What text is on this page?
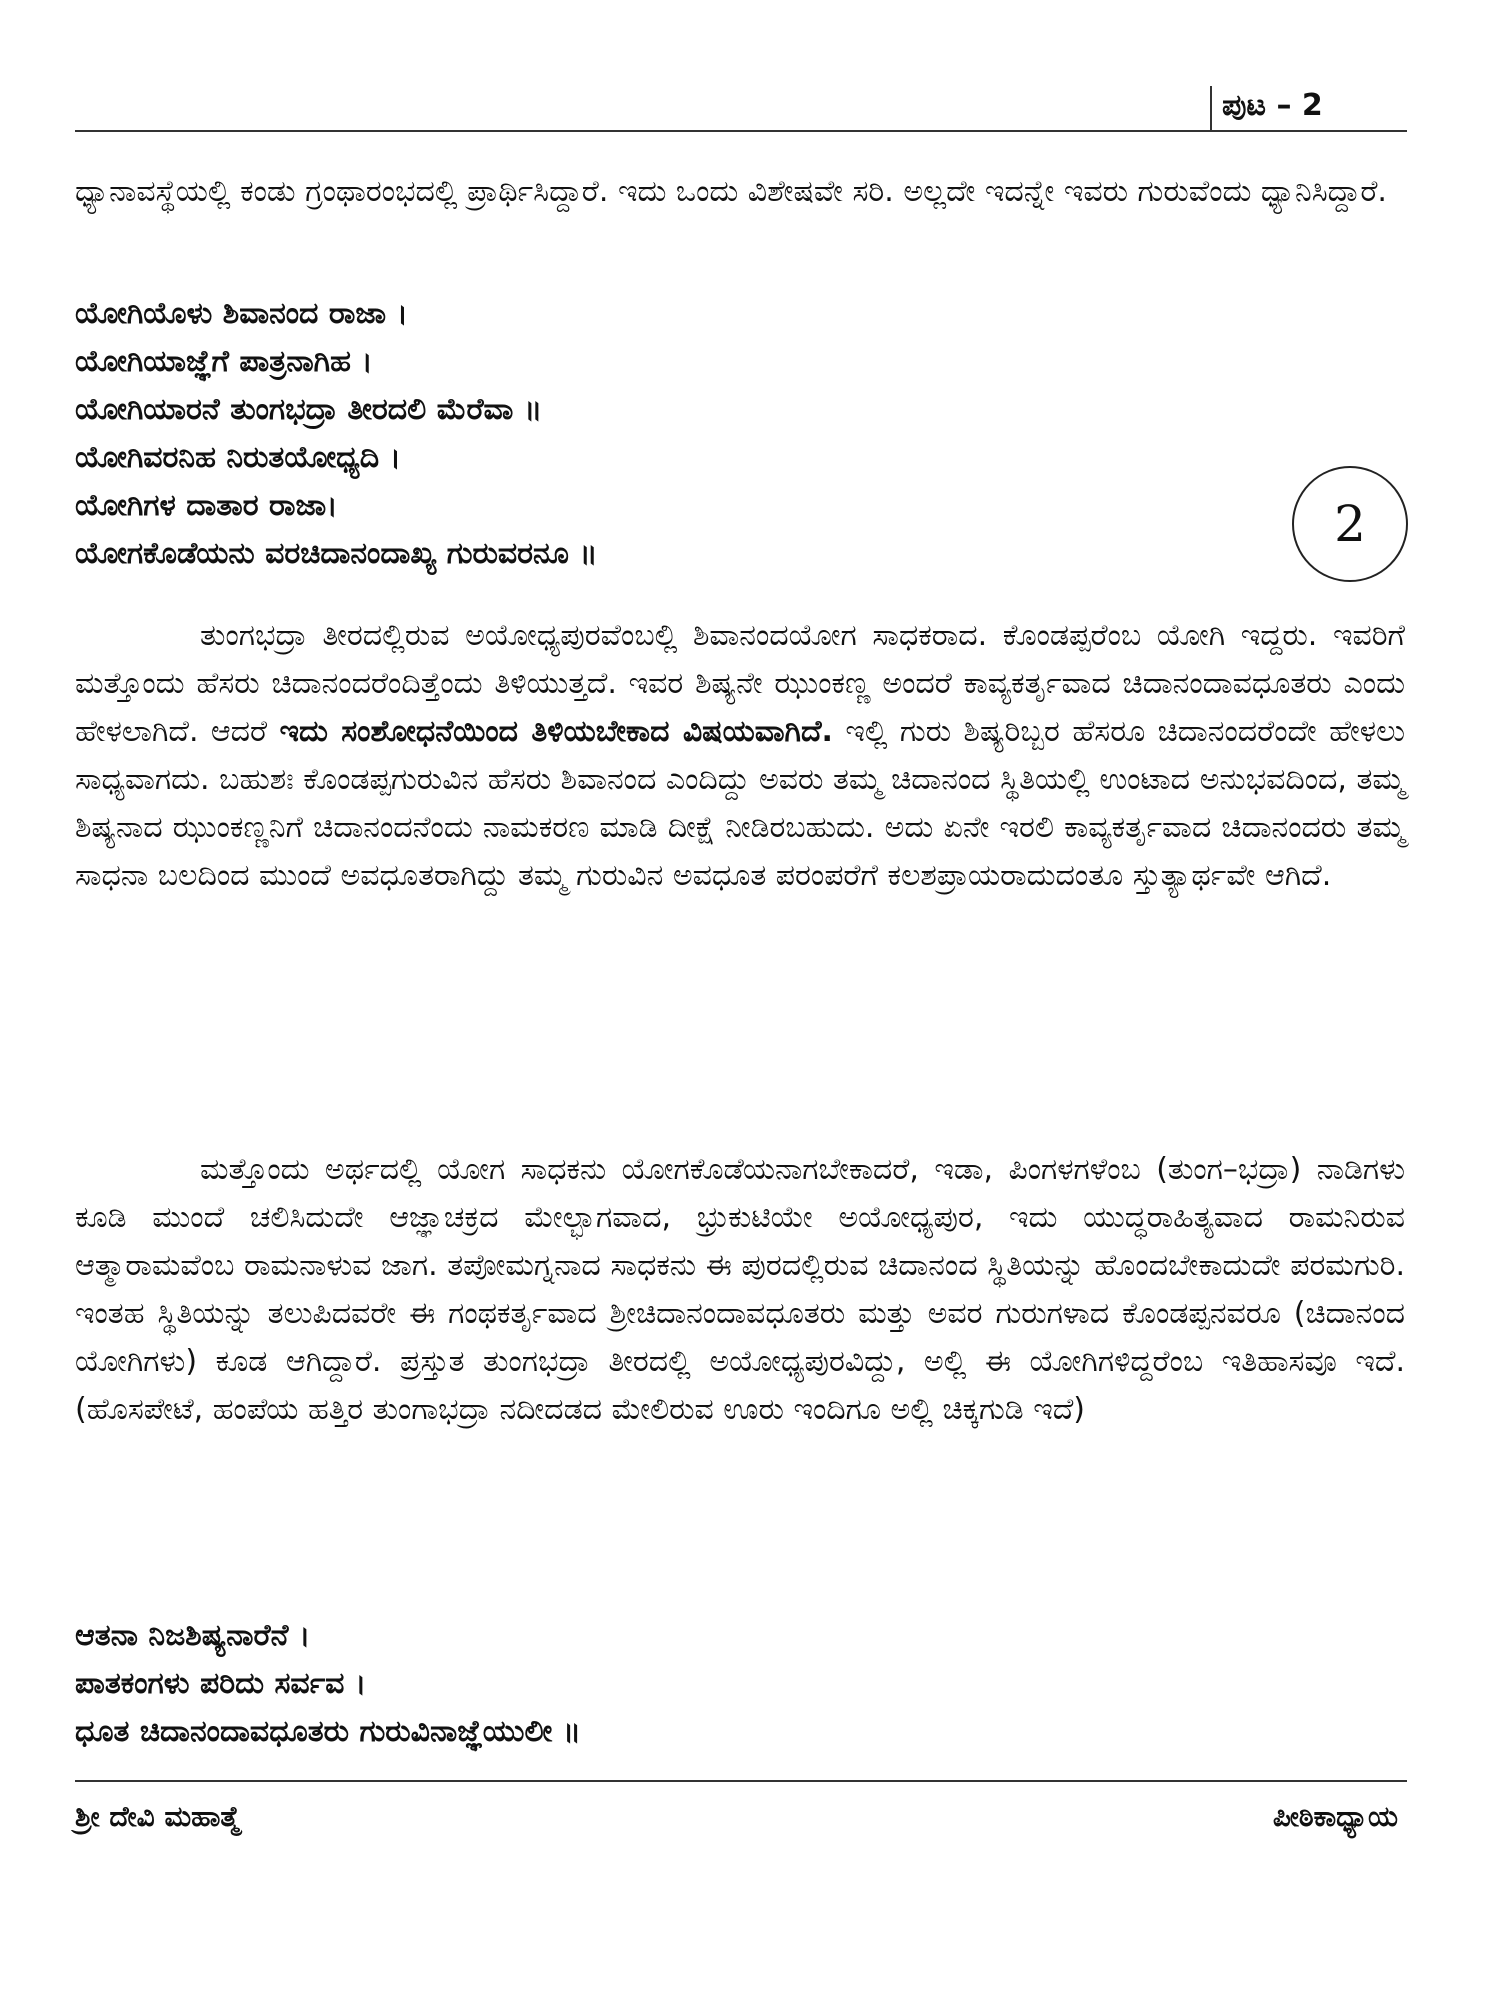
ಪುಟ – 2
ಧ್ಯಾನಾವಸ್ಥೆಯಲ್ಲಿ ಕಂಡು ಗ್ರಂಥಾರಂಭದಲ್ಲಿ ಪ್ರಾರ್ಥಿಸಿದ್ದಾರೆ. ಇದು ಒಂದು ವಿಶೇಷವೇ ಸರಿ. ಅಲ್ಲದೇ ಇದನ್ನೇ ಇವರು ಗುರುವೆಂದು ಧ್ಯಾನಿಸಿದ್ದಾರೆ.
ಯೋಗಿಯೊಳು ಶಿವಾನಂದ ರಾಜಾ ।
ಯೋಗಿಯಾಜ್ಞೆಗೆ ಪಾತ್ರನಾಗಿಹ ।
ಯೋಗಿಯಾರನೆ ತುಂಗಭದ್ರಾ ತೀರದಲಿ ಮೆರೆವಾ ॥
ಯೋಗಿವರನಿಹ ನಿರುತಯೋಧ್ಯದಿ ।
ಯೋಗಿಗಳ ದಾತಾರ ರಾಜಾ।
ಯೋಗಕೊಡೆಯನು ವರಚಿದಾನಂದಾಖ್ಯ ಗುರುವರನೂ ॥
2
ತುಂಗಭದ್ರಾ ತೀರದಲ್ಲಿರುವ ಅಯೋಧ್ಯಪುರವೆಂಬಲ್ಲಿ ಶಿವಾನಂದಯೋಗ ಸಾಧಕರಾದ. ಕೊಂಡಪ್ಪರೆಂಬ ಯೋಗಿ ಇದ್ದರು. ಇವರಿಗೆ ಮತ್ತೊಂದು ಹೆಸರು ಚಿದಾನಂದರೆಂದಿತ್ತೆಂದು ತಿಳಿಯುತ್ತದೆ. ಇವರ ಶಿಷ್ಯನೇ ಝುಂಕಣ್ಣ ಅಂದರೆ ಕಾವ್ಯಕರ್ತೃವಾದ ಚಿದಾನಂದಾವಧೂತರು ಎಂದು ಹೇಳಲಾಗಿದೆ. ಆದರೆ ಇದು ಸಂಶೋಧನೆಯಿಂದ ತಿಳಿಯಬೇಕಾದ ವಿಷಯವಾಗಿದೆ. ಇಲ್ಲಿ ಗುರು ಶಿಷ್ಯರಿಬ್ಬರ ಹೆಸರೂ ಚಿದಾನಂದರೆಂದೇ ಹೇಳಲು ಸಾಧ್ಯವಾಗದು. ಬಹುಶಃ ಕೊಂಡಪ್ಪಗುರುವಿನ ಹೆಸರು ಶಿವಾನಂದ ಎಂದಿದ್ದು ಅವರು ತಮ್ಮ ಚಿದಾನಂದ ಸ್ಥಿತಿಯಲ್ಲಿ ಉಂಟಾದ ಅನುಭವದಿಂದ, ತಮ್ಮ ಶಿಷ್ಯನಾದ ಝುಂಕಣ್ಣನಿಗೆ ಚಿದಾನಂದನೆಂದು ನಾಮಕರಣ ಮಾಡಿ ದೀಕ್ಷೆ ನೀಡಿರಬಹುದು. ಅದು ಏನೇ ಇರಲಿ ಕಾವ್ಯಕರ್ತೃವಾದ ಚಿದಾನಂದರು ತಮ್ಮ ಸಾಧನಾ ಬಲದಿಂದ ಮುಂದೆ ಅವಧೂತರಾಗಿದ್ದು ತಮ್ಮ ಗುರುವಿನ ಅವಧೂತ ಪರಂಪರೆಗೆ ಕಲಶಪ್ರಾಯರಾದುದಂತೂ ಸ್ತುತ್ಯಾರ್ಥವೇ ಆಗಿದೆ.
ಮತ್ತೊಂದು ಅರ್ಥದಲ್ಲಿ ಯೋಗ ಸಾಧಕನು ಯೋಗಕೊಡೆಯನಾಗಬೇಕಾದರೆ, ಇಡಾ, ಪಿಂಗಳಗಳೆಂಬ (ತುಂಗ–ಭದ್ರಾ) ನಾಡಿಗಳು ಕೂಡಿ ಮುಂದೆ ಚಲಿಸಿದುದೇ ಆಜ್ಞಾಚಕ್ರದ ಮೇಲ್ಭಾಗವಾದ, ಭ್ರುಕುಟಿಯೇ ಅಯೋಧ್ಯಪುರ, ಇದು ಯುದ್ಧರಾಹಿತ್ಯವಾದ ರಾಮನಿರುವ ಆತ್ಮಾರಾಮವೆಂಬ ರಾಮನಾಳುವ ಜಾಗ. ತಪೋಮಗ್ನನಾದ ಸಾಧಕನು ಈ ಪುರದಲ್ಲಿರುವ ಚಿದಾನಂದ ಸ್ಥಿತಿಯನ್ನು ಹೊಂದಬೇಕಾದುದೇ ಪರಮಗುರಿ. ಇಂತಹ ಸ್ಥಿತಿಯನ್ನು ತಲುಪಿದವರೇ ಈ ಗಂಥಕರ್ತೃವಾದ ಶ್ರೀಚಿದಾನಂದಾವಧೂತರು ಮತ್ತು ಅವರ ಗುರುಗಳಾದ ಕೊಂಡಪ್ಪನವರೂ (ಚಿದಾನಂದ ಯೋಗಿಗಳು) ಕೂಡ ಆಗಿದ್ದಾರೆ. ಪ್ರಸ್ತುತ ತುಂಗಭದ್ರಾ ತೀರದಲ್ಲಿ ಅಯೋಧ್ಯಪುರವಿದ್ದು, ಅಲ್ಲಿ ಈ ಯೋಗಿಗಳಿದ್ದರೆಂಬ ಇತಿಹಾಸವೂ ಇದೆ. (ಹೊಸಪೇಟೆ, ಹಂಪೆಯ ಹತ್ತಿರ ತುಂಗಾಭದ್ರಾ ನದೀದಡದ ಮೇಲಿರುವ ಊರು ಇಂದಿಗೂ ಅಲ್ಲಿ ಚಿಕ್ಕಗುಡಿ ಇದೆ)
ಆತನಾ ನಿಜಶಿಷ್ಯನಾರೆನೆ ।
ಪಾತಕಂಗಳು ಪರಿದು ಸರ್ವವ ।
ಧೂತ ಚಿದಾನಂದಾವಧೂತರು ಗುರುವಿನಾಜ್ಞೆಯುಲೀ ॥
ಶ್ರೀ ದೇವಿ ಮಹಾತ್ಮೆ	ಪೀಠಿಕಾಧ್ಯಾಯ
